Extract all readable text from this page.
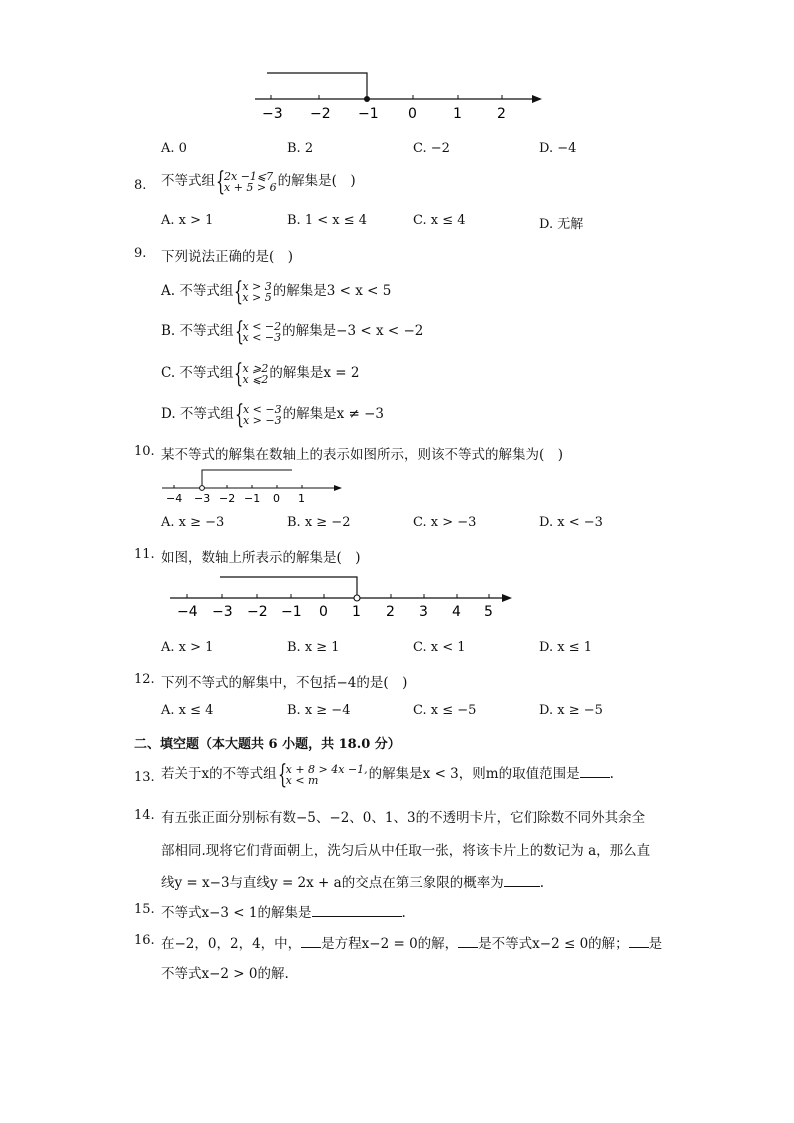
−3 −2 −1 0	1	2
A. 0	B. 2	C. −2	D. −4
8. 不等式组 {
2x −1⩽7
x + 5 > 6 的解集是(　)
A. x > 1	B. 1 < x ≤ 4	C. x ≤ 4	D. 无解
9. 下列说法正确的是(　)
A. 不等式组 {
x > 3
x > 5 的解集是3 < x < 5
B. 不等式组 {
x < −2
x < −3 的解集是−3 < x < −2
C. 不等式组 {
x ⩾2
x ⩽2 的解集是x = 2
D. 不等式组 {
x < −3
x > −3 的解集是x ≠ −3
10. 某不等式的解集在数轴上的表示如图所示，则该不等式的解集为(　)
−4 −3 −2 −1 0 1
A. x ≥ −3	B. x ≥ −2	C. x > −3	D. x < −3
11. 如图，数轴上所表示的解集是(　)
−4 −3 −2 −1 0 1 2 3 4 5
A. x > 1	B. x ≥ 1	C. x < 1	D. x ≤ 1
12. 下列不等式的解集中，不包括−4的是(　)
A. x ≤ 4	B. x ≥ −4	C. x ≤ −5	D. x ≥ −5
二、填空题（本大题共 6 小题，共 18.0 分）
13. 若关于x的不等式组 {
x + 8 > 4x −1,
x < m	的解集是x < 3，则m的取值范围是 .
14. 有五张正面分别标有数−5、−2、0、1、3的不透明卡片，它们除数不同外其余全
部相同.现将它们背面朝上，洗匀后从中任取一张，将该卡片上的数记为 a，那么直
线y = x−3与直线y = 2x + a的交点在第三象限的概率为	.
15. 不等式x−3 < 1的解集是	.
16. 在−2，0，2，4，中， 是方程x−2 = 0的解， 是不等式x−2 ≤ 0的解； 是
不等式x−2 > 0的解.
